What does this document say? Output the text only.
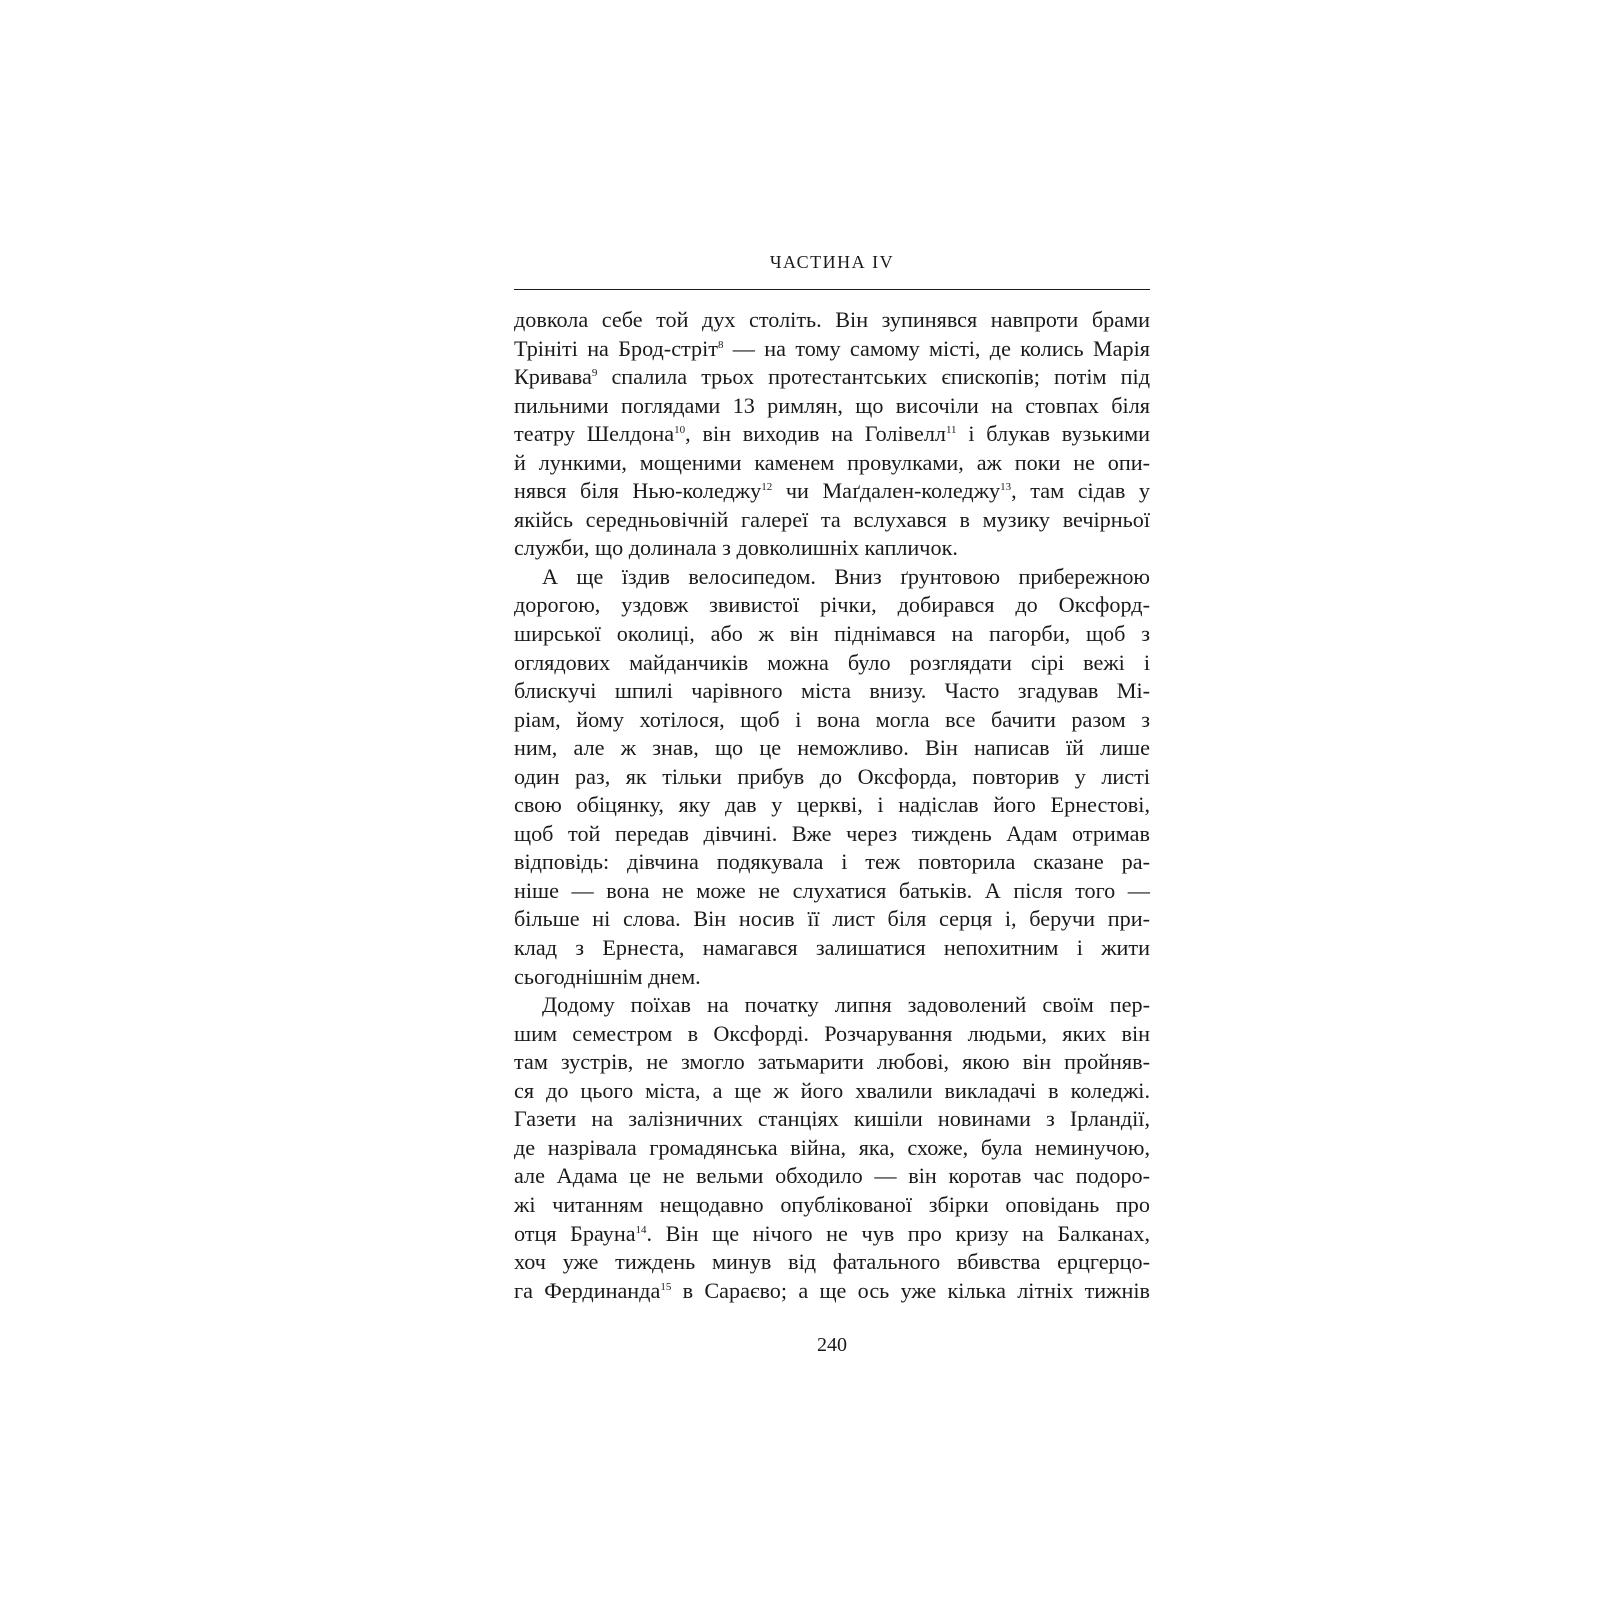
ЧАСТИНА IV
довкола себе той дух століть. Він зупинявся навпроти брами
Трініті на Брод-стріт$^8$ — на тому самому місті, де колись Марія
Кривава$^9$ спалила трьох протестантських єпископів; потім під
пильними поглядами 13 римлян, що височіли на стовпах біля
театру Шелдона$^{10}$, він виходив на Голівелл$^{11}$ і блукав вузькими
й лункими, мощеними каменем провулками, аж поки не опи-
нявся біля Нью-коледжу$^{12}$ чи Маґдален-коледжу$^{13}$, там сідав у
якійсь середньовічній галереї та вслухався в музику вечірньої
служби, що долинала з довколишніх капличок.
А ще їздив велосипедом. Вниз ґрунтовою прибережною
дорогою, уздовж звивистої річки, добирався до Оксфорд-
ширської околиці, або ж він піднімався на пагорби, щоб з
оглядових майданчиків можна було розглядати сірі вежі і
блискучі шпилі чарівного міста внизу. Часто згадував Мі-
ріам, йому хотілося, щоб і вона могла все бачити разом з
ним, але ж знав, що це неможливо. Він написав їй лише
один раз, як тільки прибув до Оксфорда, повторив у листі
свою обіцянку, яку дав у церкві, і надіслав його Ернестові,
щоб той передав дівчині. Вже через тиждень Адам отримав
відповідь: дівчина подякувала і теж повторила сказане ра-
ніше — вона не може не слухатися батьків. А після того —
більше ні слова. Він носив її лист біля серця і, беручи при-
клад з Ернеста, намагався залишатися непохитним і жити
сьогоднішнім днем.
Додому поїхав на початку липня задоволений своїм пер-
шим семестром в Оксфорді. Розчарування людьми, яких він
там зустрів, не змогло затьмарити любові, якою він пройняв-
ся до цього міста, а ще ж його хвалили викладачі в коледжі.
Газети на залізничних станціях кишіли новинами з Ірландії,
де назрівала громадянська війна, яка, схоже, була неминучою,
але Адама це не вельми обходило — він коротав час подоро-
жі читанням нещодавно опублікованої збірки оповідань про
отця Брауна$^{14}$. Він ще нічого не чув про кризу на Балканах,
хоч уже тиждень минув від фатального вбивства ерцгерцо-
га Фердинанда$^{15}$ в Сараєво; а ще ось уже кілька літніх тижнів
240
